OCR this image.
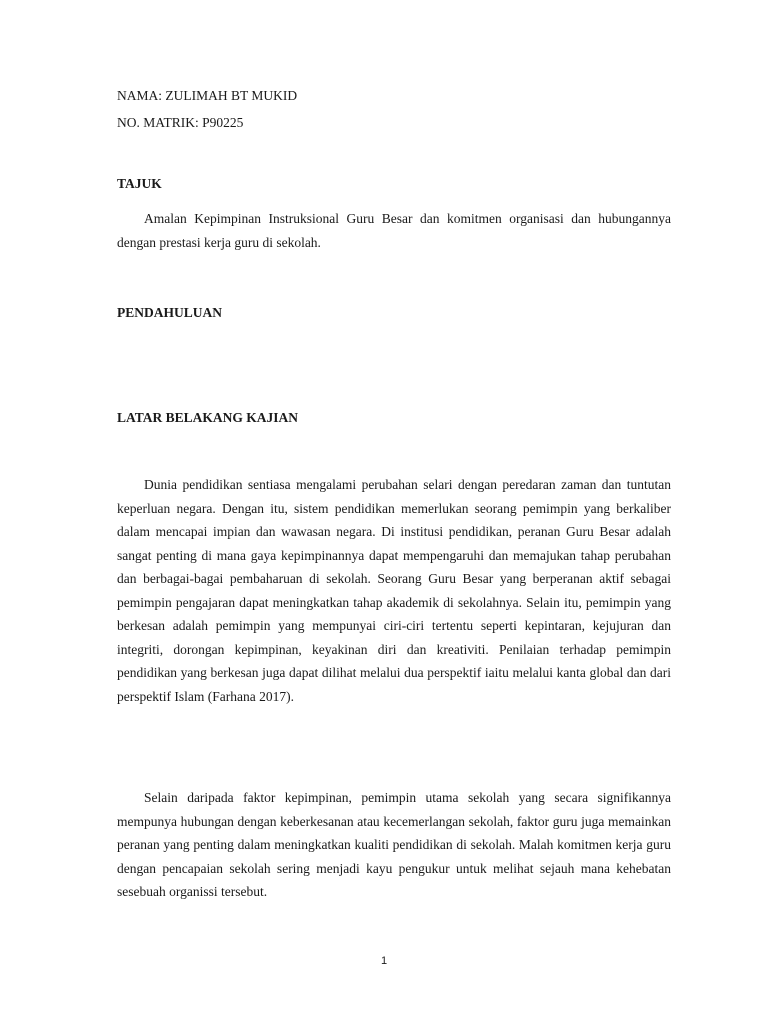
NAMA: ZULIMAH BT MUKID
NO. MATRIK: P90225
TAJUK

Amalan Kepimpinan Instruksional Guru Besar dan komitmen organisasi dan hubungannya dengan prestasi kerja guru di sekolah.

PENDAHULUAN
LATAR BELAKANG KAJIAN

Dunia pendidikan sentiasa mengalami perubahan selari dengan peredaran zaman dan tuntutan keperluan negara. Dengan itu, sistem pendidikan memerlukan seorang pemimpin yang berkaliber dalam mencapai impian dan wawasan negara. Di institusi pendidikan, peranan Guru Besar adalah sangat penting di mana gaya kepimpinannya dapat mempengaruhi dan memajukan tahap perubahan dan berbagai-bagai pembaharuan di sekolah. Seorang Guru Besar yang berperanan aktif sebagai pemimpin pengajaran dapat meningkatkan tahap akademik di sekolahnya. Selain itu, pemimpin yang berkesan adalah pemimpin yang mempunyai ciri-ciri tertentu seperti kepintaran, kejujuran dan integriti, dorongan kepimpinan, keyakinan diri dan kreativiti. Penilaian terhadap pemimpin pendidikan yang berkesan juga dapat dilihat melalui dua perspektif iaitu melalui kanta global dan dari perspektif Islam (Farhana 2017).

Selain daripada faktor kepimpinan, pemimpin utama sekolah yang secara signifikannya mempunya hubungan dengan keberkesanan atau kecemerlangan sekolah, faktor guru juga memainkan peranan yang penting dalam meningkatkan kualiti pendidikan di sekolah. Malah komitmen kerja guru dengan pencapaian sekolah sering menjadi kayu pengukur untuk melihat sejauh mana kehebatan sesebuah organissi tersebut.

1
